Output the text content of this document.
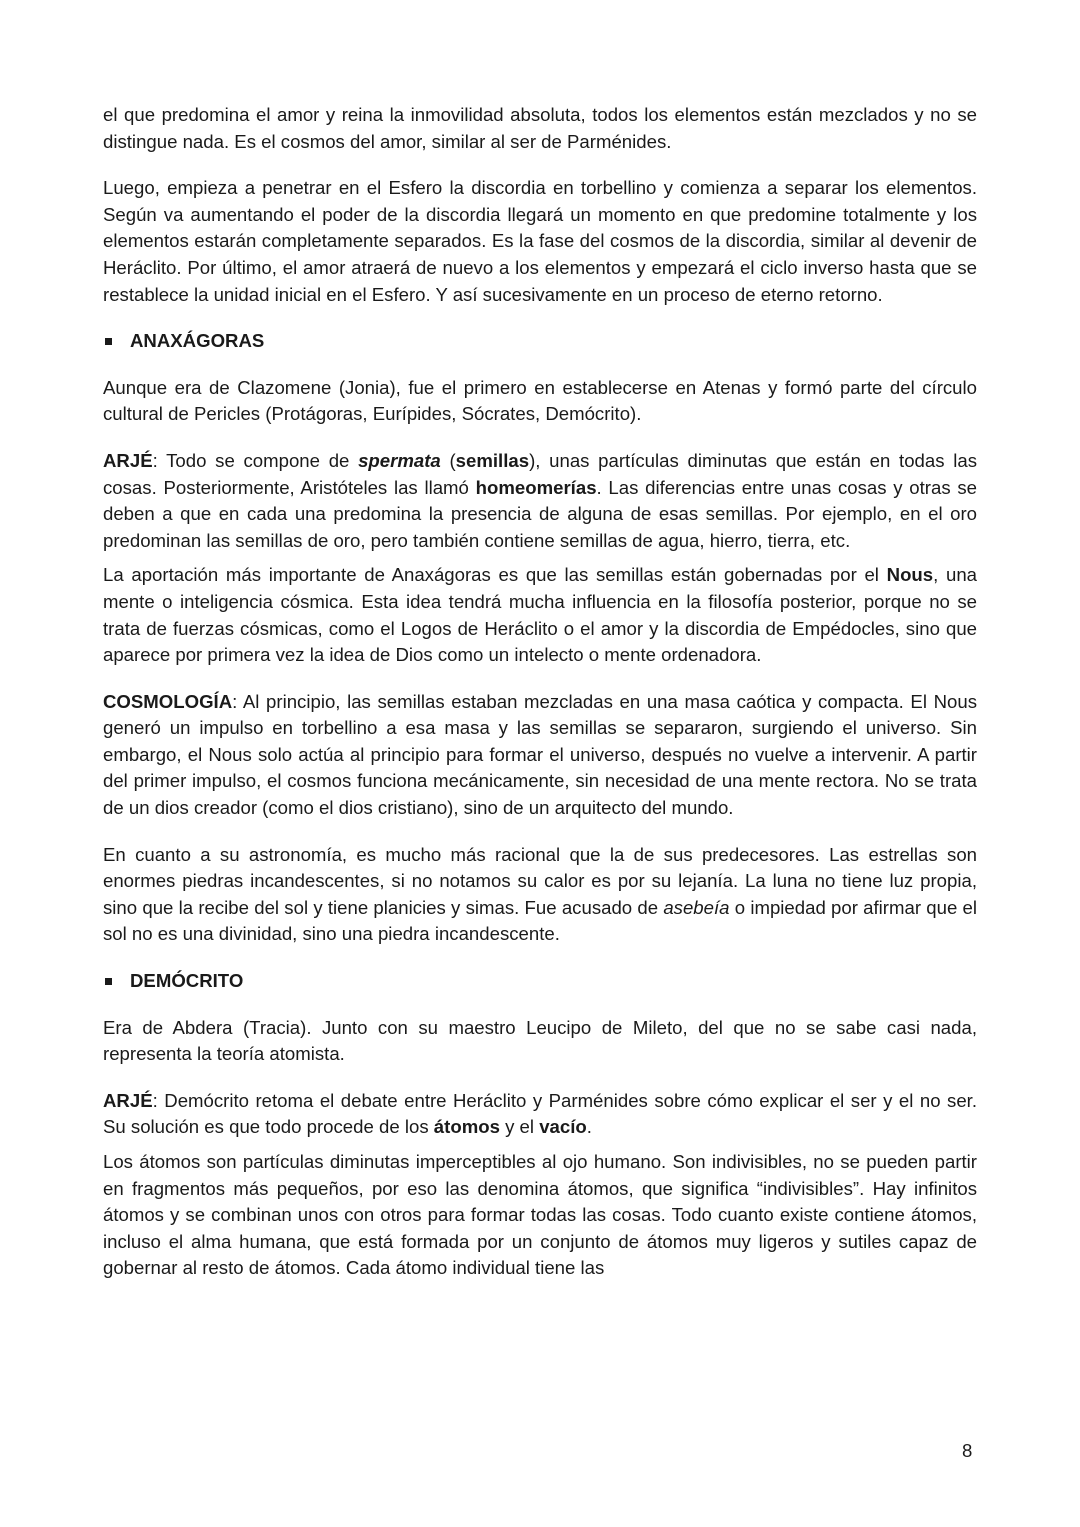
el que predomina el amor y reina la inmovilidad absoluta, todos los elementos están mezclados y no se distingue nada. Es el cosmos del amor, similar al ser de Parménides.

Luego, empieza a penetrar en el Esfero la discordia en torbellino y comienza a separar los elementos. Según va aumentando el poder de la discordia llegará un momento en que predomine totalmente y los elementos estarán completamente separados. Es la fase del cosmos de la discordia, similar al devenir de Heráclito. Por último, el amor atraerá de nuevo a los elementos y empezará el ciclo inverso hasta que se restablece la unidad inicial en el Esfero. Y así sucesivamente en un proceso de eterno retorno.

ANAXÁGORAS

Aunque era de Clazomene (Jonia), fue el primero en establecerse en Atenas y formó parte del círculo cultural de Pericles (Protágoras, Eurípides, Sócrates, Demócrito).

ARJÉ: Todo se compone de spermata (semillas), unas partículas diminutas que están en todas las cosas. Posteriormente, Aristóteles las llamó homeomerías. Las diferencias entre unas cosas y otras se deben a que en cada una predomina la presencia de alguna de esas semillas. Por ejemplo, en el oro predominan las semillas de oro, pero también contiene semillas de agua, hierro, tierra, etc.

La aportación más importante de Anaxágoras es que las semillas están gobernadas por el Nous, una mente o inteligencia cósmica. Esta idea tendrá mucha influencia en la filosofía posterior, porque no se trata de fuerzas cósmicas, como el Logos de Heráclito o el amor y la discordia de Empédocles, sino que aparece por primera vez la idea de Dios como un intelecto o mente ordenadora.

COSMOLOGÍA: Al principio, las semillas estaban mezcladas en una masa caótica y compacta. El Nous generó un impulso en torbellino a esa masa y las semillas se separaron, surgiendo el universo. Sin embargo, el Nous solo actúa al principio para formar el universo, después no vuelve a intervenir. A partir del primer impulso, el cosmos funciona mecánicamente, sin necesidad de una mente rectora. No se trata de un dios creador (como el dios cristiano), sino de un arquitecto del mundo.

En cuanto a su astronomía, es mucho más racional que la de sus predecesores. Las estrellas son enormes piedras incandescentes, si no notamos su calor es por su lejanía. La luna no tiene luz propia, sino que la recibe del sol y tiene planicies y simas. Fue acusado de asebeía o impiedad por afirmar que el sol no es una divinidad, sino una piedra incandescente.

DEMÓCRITO

Era de Abdera (Tracia). Junto con su maestro Leucipo de Mileto, del que no se sabe casi nada, representa la teoría atomista.

ARJÉ: Demócrito retoma el debate entre Heráclito y Parménides sobre cómo explicar el ser y el no ser. Su solución es que todo procede de los átomos y el vacío.

Los átomos son partículas diminutas imperceptibles al ojo humano. Son indivisibles, no se pueden partir en fragmentos más pequeños, por eso las denomina átomos, que significa “indivisibles”. Hay infinitos átomos y se combinan unos con otros para formar todas las cosas. Todo cuanto existe contiene átomos, incluso el alma humana, que está formada por un conjunto de átomos muy ligeros y sutiles capaz de gobernar al resto de átomos. Cada átomo individual tiene las

8
